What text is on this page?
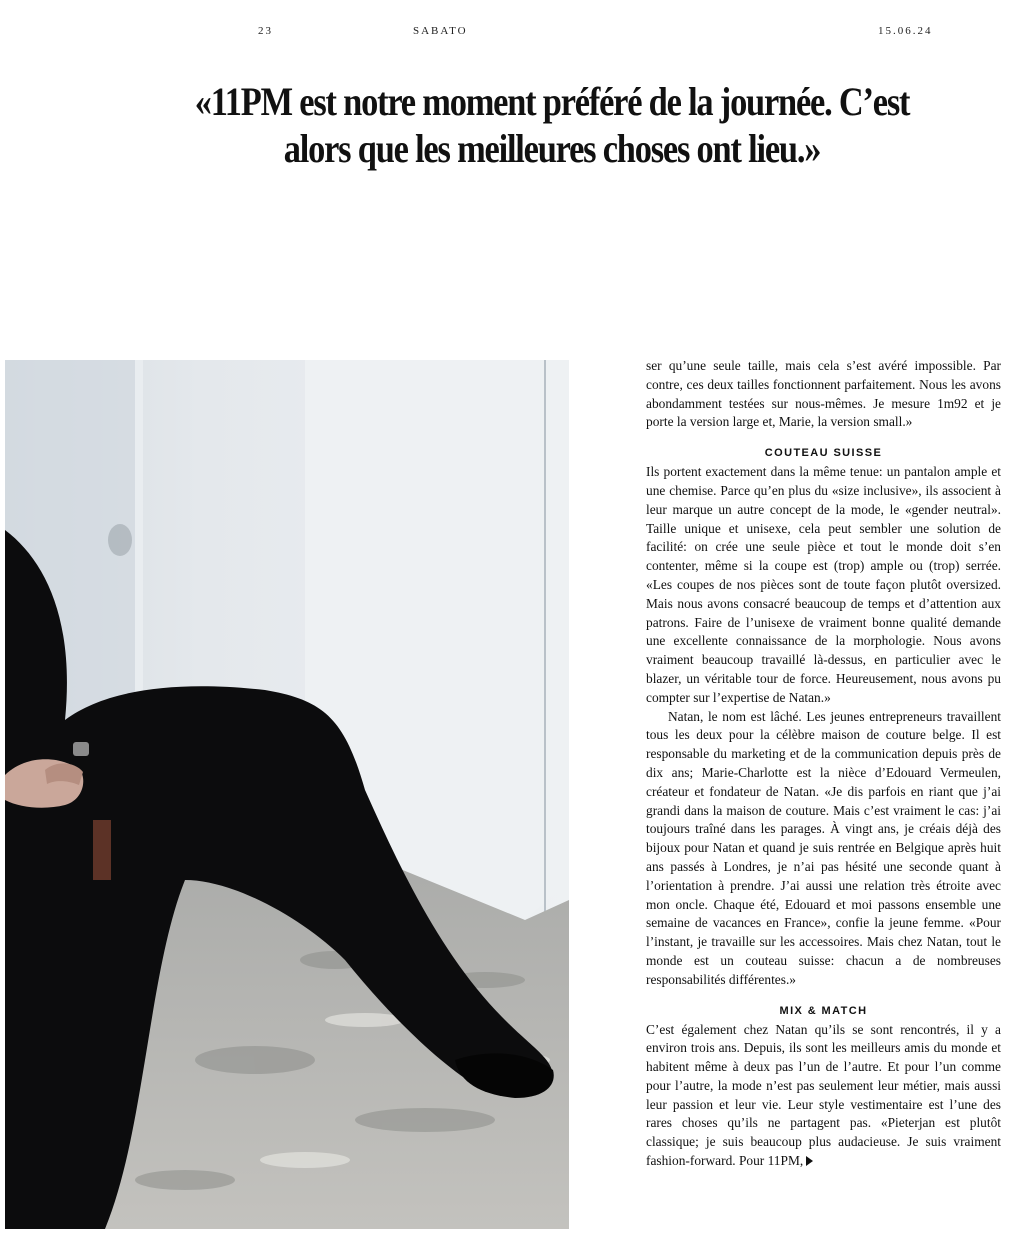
23	SABATO	15.06.24
«11PM est notre moment préféré de la journée. C’est alors que les meilleures choses ont lieu.»

ser qu’une seule taille, mais cela s’est avéré impossible. Par contre, ces deux tailles fonctionnent parfaitement. Nous les avons abondamment testées sur nous-mêmes. Je mesure 1m92 et je porte la version large et, Marie, la version small.»

COUTEAU SUISSE

Ils portent exactement dans la même tenue: un pantalon ample et une chemise. Parce qu’en plus du «size inclusive», ils associent à leur marque un autre concept de la mode, le «gender neutral». Taille unique et unisexe, cela peut sembler une solution de facilité: on crée une seule pièce et tout le monde doit s’en contenter, même si la coupe est (trop) ample ou (trop) serrée. «Les coupes de nos pièces sont de toute façon plutôt oversized. Mais nous avons consacré beaucoup de temps et d’attention aux patrons. Faire de l’unisexe de vraiment bonne qualité demande une excellente connaissance de la morphologie. Nous avons vraiment beaucoup travaillé là-dessus, en particulier avec le blazer, un véritable tour de force. Heureusement, nous avons pu compter sur l’expertise de Natan.»

Natan, le nom est lâché. Les jeunes entrepreneurs travaillent tous les deux pour la célèbre maison de couture belge. Il est responsable du marketing et de la communication depuis près de dix ans; Marie-Charlotte est la nièce d’Edouard Vermeulen, créateur et fondateur de Natan. «Je dis parfois en riant que j’ai grandi dans la maison de couture. Mais c’est vraiment le cas: j’ai toujours traîné dans les parages. À vingt ans, je créais déjà des bijoux pour Natan et quand je suis rentrée en Belgique après huit ans passés à Londres, je n’ai pas hésité une seconde quant à l’orientation à prendre. J’ai aussi une relation très étroite avec mon oncle. Chaque été, Edouard et moi passons ensemble une semaine de vacances en France», confie la jeune femme. «Pour l’instant, je travaille sur les accessoires. Mais chez Natan, tout le monde est un couteau suisse: chacun a de nombreuses responsabilités différentes.»

MIX & MATCH

C’est également chez Natan qu’ils se sont rencontrés, il y a environ trois ans. Depuis, ils sont les meilleurs amis du monde et habitent même à deux pas l’un de l’autre. Et pour l’un comme pour l’autre, la mode n’est pas seulement leur métier, mais aussi leur passion et leur vie. Leur style vestimentaire est l’une des rares choses qu’ils ne partagent pas. «Pieterjan est plutôt classique; je suis beaucoup plus audacieuse. Je suis vraiment fashion-forward. Pour 11PM,
